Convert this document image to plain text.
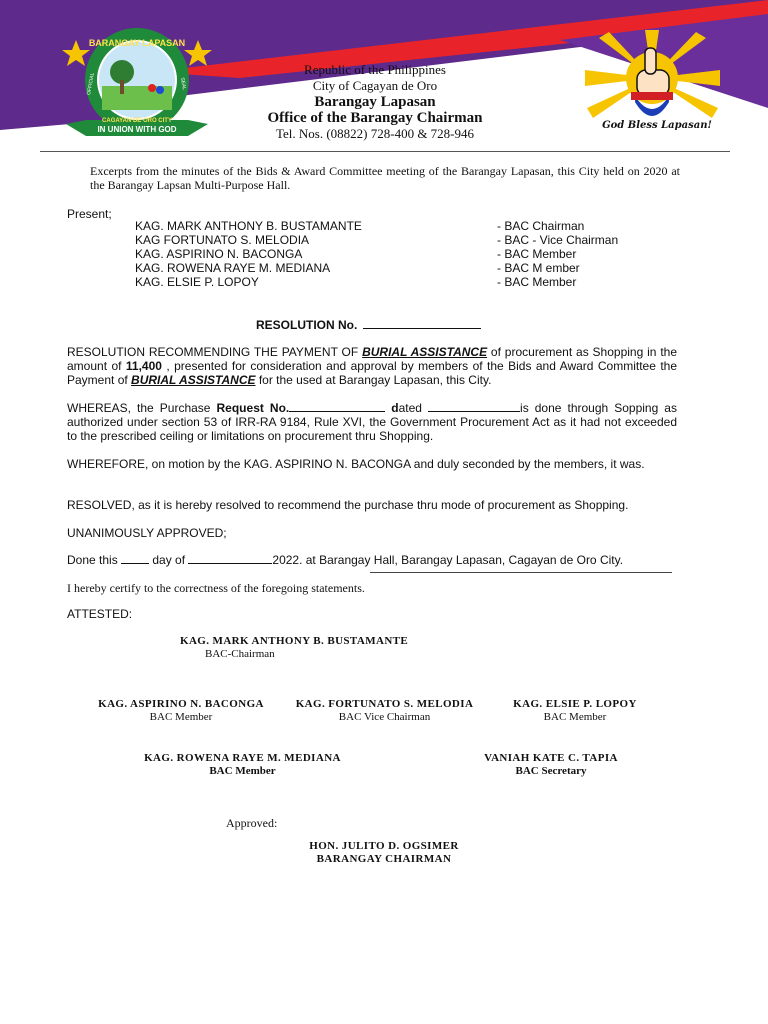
IN UNION WITH GOD
BARANGAY LAPASAN
CAGAYAN DE ORO CITY
OFFICIAL	SEAL
God Bless Lapasan!
Republic of the Philippines
City of Cagayan de Oro
Barangay Lapasan
Office of the Barangay Chairman
Tel. Nos. (08822) 728-400 & 728-946
Excerpts from the minutes of the Bids & Award Committee meeting of the Barangay Lapasan, this City held on 2020 at the Barangay Lapsan Multi-Purpose Hall.
Present;
KAG. MARK ANTHONY B. BUSTAMANTE	- BAC Chairman
KAG FORTUNATO S. MELODIA	- BAC - Vice Chairman
KAG. ASPIRINO N. BACONGA	- BAC Member
KAG. ROWENA RAYE M. MEDIANA	- BAC M ember
KAG. ELSIE P. LOPOY	- BAC Member
RESOLUTION No.
RESOLUTION RECOMMENDING THE PAYMENT OF BURIAL ASSISTANCE of procurement as Shopping in the amount of 11,400 , presented for consideration and approval by members of the Bids and Award Committee the Payment of BURIAL ASSISTANCE for the used at Barangay Lapasan, this City.
WHEREAS, the Purchase Request No.	dated	is done through Sopping as authorized under section 53 of IRR-RA 9184, Rule XVI, the Government Procurement Act as it had not exceeded to the prescribed ceiling or limitations on procurement thru Shopping.
WHEREFORE, on motion by the KAG. ASPIRINO N. BACONGA and duly seconded by the members, it was.
RESOLVED, as it is hereby resolved to recommend the purchase thru mode of procurement as Shopping.
UNANIMOUSLY APPROVED;
Done this  day of	2022. at Barangay Hall, Barangay Lapasan, Cagayan de Oro City.
I hereby certify to the correctness of the foregoing statements.
ATTESTED:
KAG. MARK ANTHONY B. BUSTAMANTE
BAC-Chairman
KAG. ASPIRINO N. BACONGA
BAC Member
KAG. FORTUNATO S. MELODIA
BAC Vice Chairman
KAG. ELSIE P. LOPOY
BAC Member
KAG. ROWENA RAYE M. MEDIANA
BAC Member
VANIAH KATE C. TAPIA
BAC Secretary
Approved:
HON. JULITO D. OGSIMER
BARANGAY CHAIRMAN
